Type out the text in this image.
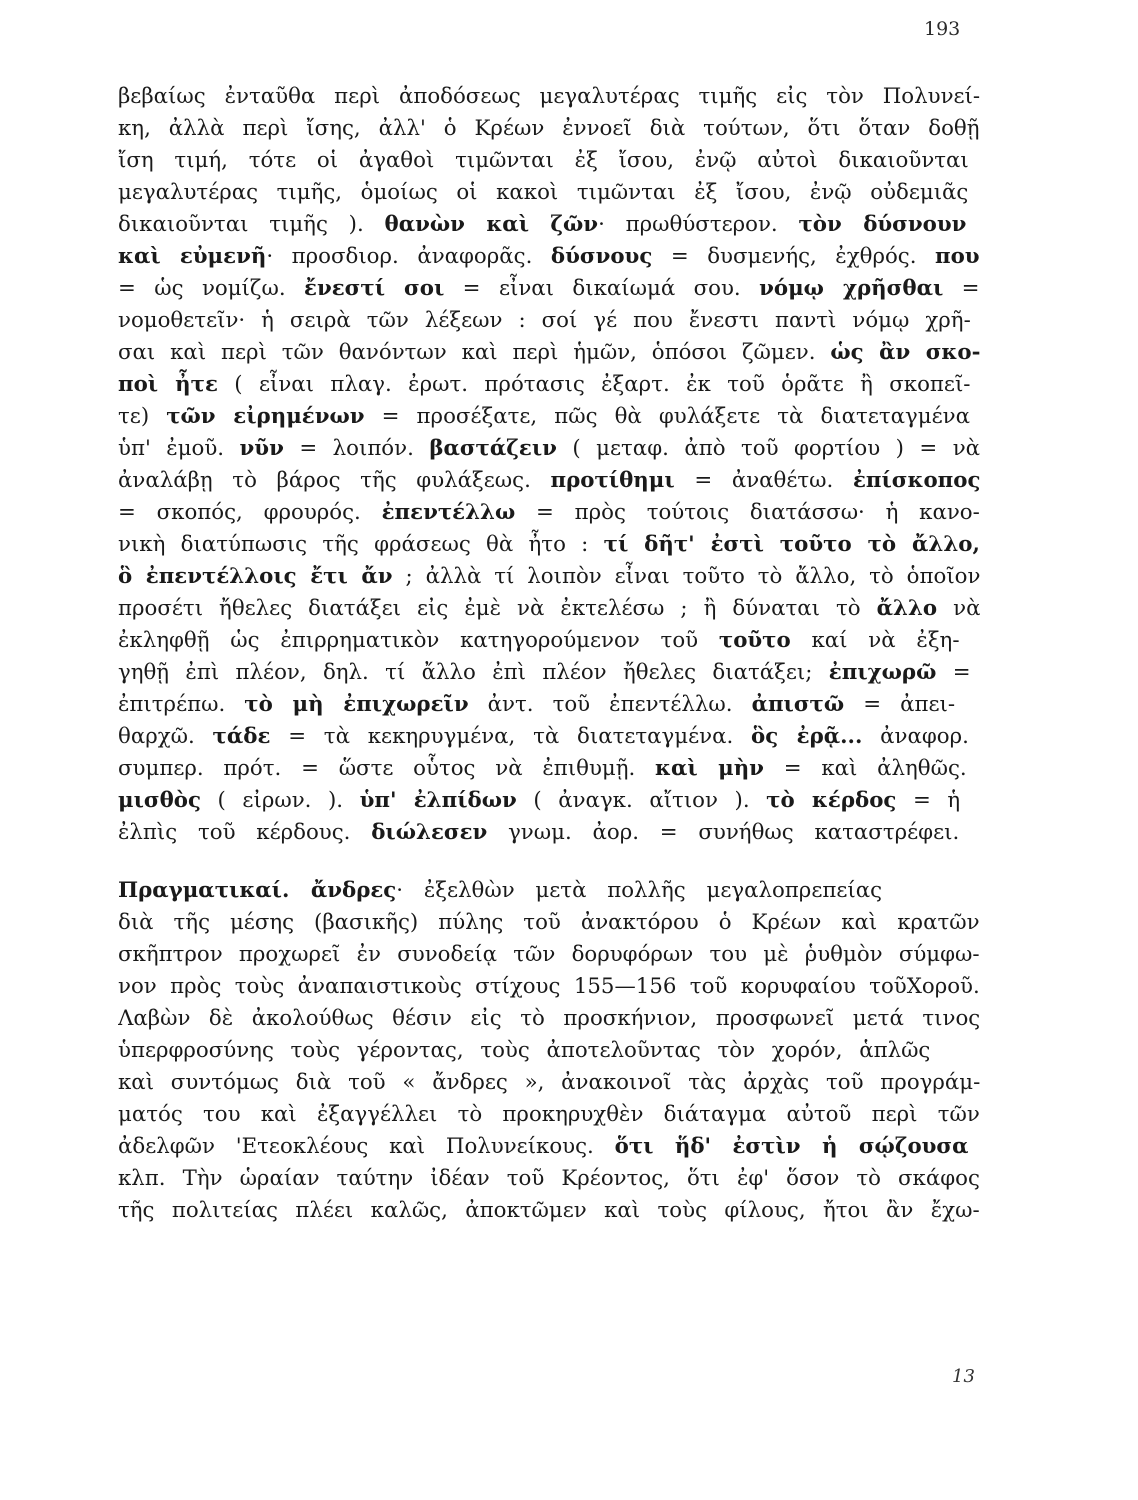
193
βεβαίως ἐνταῦθα περὶ ἀποδόσεως μεγαλυτέρας τιμῆς εἰς τὸν Πολυνεί-
κη, ἀλλὰ περὶ ἴσης, ἀλλ' ὁ Κρέων ἐννοεῖ διὰ τούτων, ὅτι ὅταν δοθῇ
ἴση τιμή, τότε οἱ ἀγαθοὶ τιμῶνται ἐξ ἴσου, ἐνῷ αὐτοὶ δικαιοῦνται
μεγαλυτέρας τιμῆς, ὁμοίως οἱ κακοὶ τιμῶνται ἐξ ἴσου, ἐνῷ οὐδεμιᾶς
δικαιοῦνται τιμῆς ). θανὼν καὶ ζῶν· πρωθύστερον. τὸν δύσνουν
καὶ εὐμενῆ· προσδιορ. ἀναφορᾶς. δύσνους = δυσμενής, ἐχθρός. που
= ὡς νομίζω. ἔνεστί σοι = εἶναι δικαίωμά σου. νόμῳ χρῆσθαι =
νομοθετεῖν· ἡ σειρὰ τῶν λέξεων : σοί γέ που ἔνεστι παντὶ νόμῳ χρῆ-
σαι καὶ περὶ τῶν θανόντων καὶ περὶ ἡμῶν, ὁπόσοι ζῶμεν. ὡς ἂν σκο-
ποὶ ἦτε ( εἶναι πλαγ. ἐρωτ. πρότασις ἐξαρτ. ἐκ τοῦ ὁρᾶτε ἢ σκοπεῖ-
τε) τῶν εἰρημένων = προσέξατε, πῶς θὰ φυλάξετε τὰ διατεταγμένα
ὑπ' ἐμοῦ. νῦν = λοιπόν. βαστάζειν ( μεταφ. ἀπὸ τοῦ φορτίου ) = νὰ
ἀναλάβῃ τὸ βάρος τῆς φυλάξεως. προτίθημι = ἀναθέτω. ἐπίσκοπος
= σκοπός, φρουρός. ἐπεντέλλω = πρὸς τούτοις διατάσσω· ἡ κανο-
νικὴ διατύπωσις τῆς φράσεως θὰ ἦτο : τί δῆτ' ἐστὶ τοῦτο τὸ ἄλλο,
ὃ ἐπεντέλλοις ἔτι ἄν ; ἀλλὰ τί λοιπὸν εἶναι τοῦτο τὸ ἄλλο, τὸ ὁποῖον
προσέτι ἤθελες διατάξει εἰς ἐμὲ νὰ ἐκτελέσω ; ἢ δύναται τὸ ἄλλο νὰ
ἐκληφθῇ ὡς ἐπιρρηματικὸν κατηγορούμενον τοῦ τοῦτο καί νὰ ἐξη-
γηθῇ ἐπὶ πλέον, δηλ. τί ἄλλο ἐπὶ πλέον ἤθελες διατάξει; ἐπιχωρῶ =
ἐπιτρέπω. τὸ μὴ ἐπιχωρεῖν ἀντ. τοῦ ἐπεντέλλω. ἀπιστῶ = ἀπει-
θαρχῶ. τάδε = τὰ κεκηρυγμένα, τὰ διατεταγμένα. ὃς ἐρᾷ... ἀναφορ.
συμπερ. πρότ. = ὥστε οὗτος νὰ ἐπιθυμῇ. καὶ μὴν = καὶ ἀληθῶς.
μισθὸς ( εἰρων. ). ὑπ' ἐλπίδων ( ἀναγκ. αἴτιον ). τὸ κέρδος = ἡ
ἐλπὶς τοῦ κέρδους. διώλεσεν γνωμ. ἀορ. = συνήθως καταστρέφει.
Πραγματικαί. ἄνδρες· ἐξελθὼν μετὰ πολλῆς μεγαλοπρεπείας
διὰ τῆς μέσης (βασικῆς) πύλης τοῦ ἀνακτόρου ὁ Κρέων καὶ κρατῶν
σκῆπτρον προχωρεῖ ἐν συνοδείᾳ τῶν δορυφόρων του μὲ ῥυθμὸν σύμφω-
νον πρὸς τοὺς ἀναπαιστικοὺς στίχους 155—156 τοῦ κορυφαίου τοῦΧοροῦ.
Λαβὼν δὲ ἀκολούθως θέσιν εἰς τὸ προσκήνιον, προσφωνεῖ μετά τινος
ὑπερφροσύνης τοὺς γέροντας, τοὺς ἀποτελοῦντας τὸν χορόν, ἁπλῶς
καὶ συντόμως διὰ τοῦ « ἄνδρες », ἀνακοινοῖ τὰς ἀρχὰς τοῦ προγράμ-
ματός του καὶ ἐξαγγέλλει τὸ προκηρυχθὲν διάταγμα αὐτοῦ περὶ τῶν
ἀδελφῶν 'Ετεοκλέους καὶ Πολυνείκους. ὅτι ἥδ' ἐστὶν ἡ σῴζουσα
κλπ. Τὴν ὡραίαν ταύτην ἰδέαν τοῦ Κρέοντος, ὅτι ἐφ' ὅσον τὸ σκάφος
τῆς πολιτείας πλέει καλῶς, ἀποκτῶμεν καὶ τοὺς φίλους, ἤτοι ἂν ἔχω-
13
